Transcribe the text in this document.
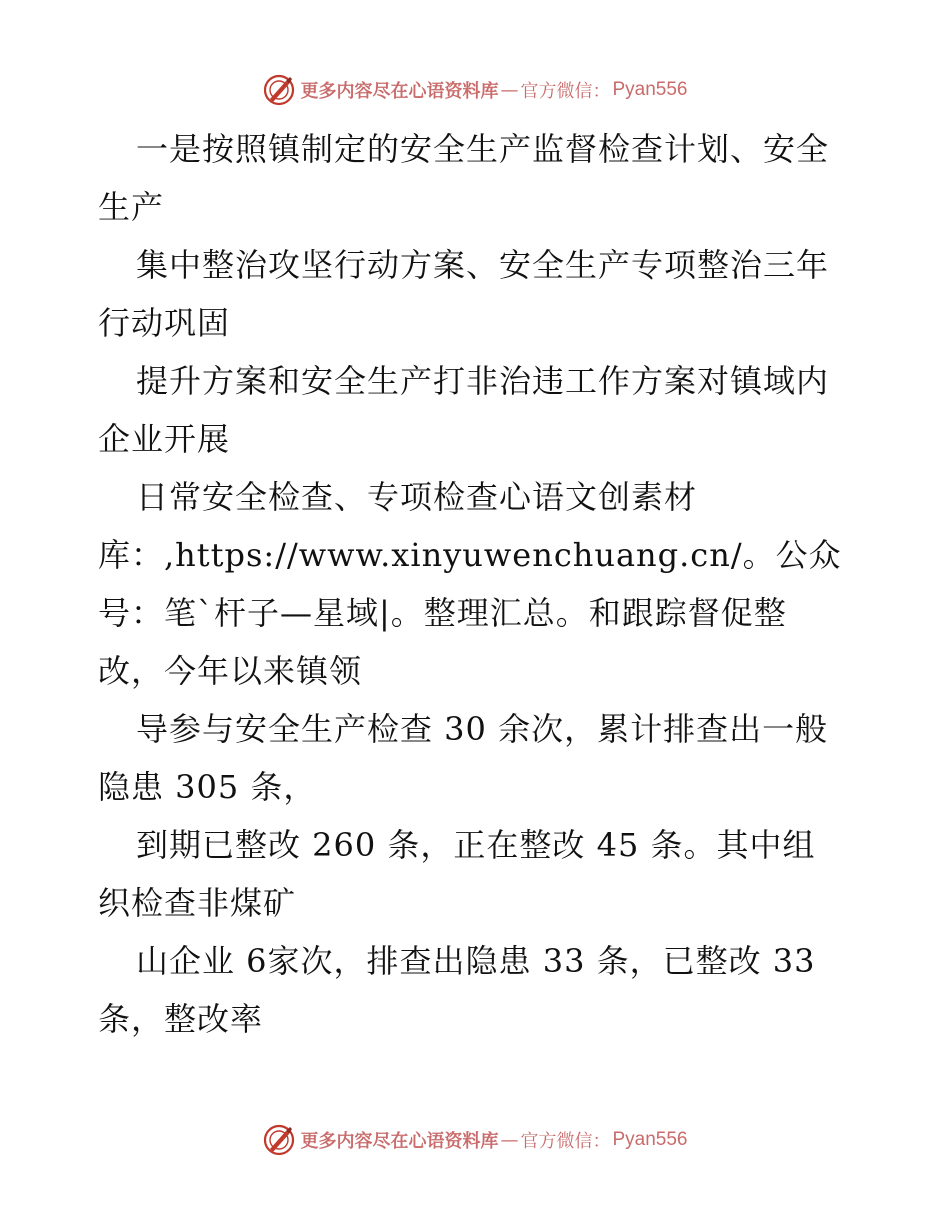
更多内容尽在心语资料库 — 官方微信： Pyan556
一是按照镇制定的安全生产监督检查计划、安全
生产
集中整治攻坚行动方案、安全生产专项整治三年
行动巩固
提升方案和安全生产打非治违工作方案对镇域内
企业开展
日常安全检查、专项检查心语文创素材
库：,https://www.xinyuwenchuang.cn/。公众
号：笔`杆子—星域|。整理汇总。和跟踪督促整
改，今年以来镇领
导参与安全生产检查 30 余次，累计排查出一般
隐患 305 条，
到期已整改 260 条，正在整改 45 条。其中组
织检查非煤矿
山企业 6家次，排查出隐患 33 条，已整改 33
条，整改率
更多内容尽在心语资料库 — 官方微信： Pyan556
